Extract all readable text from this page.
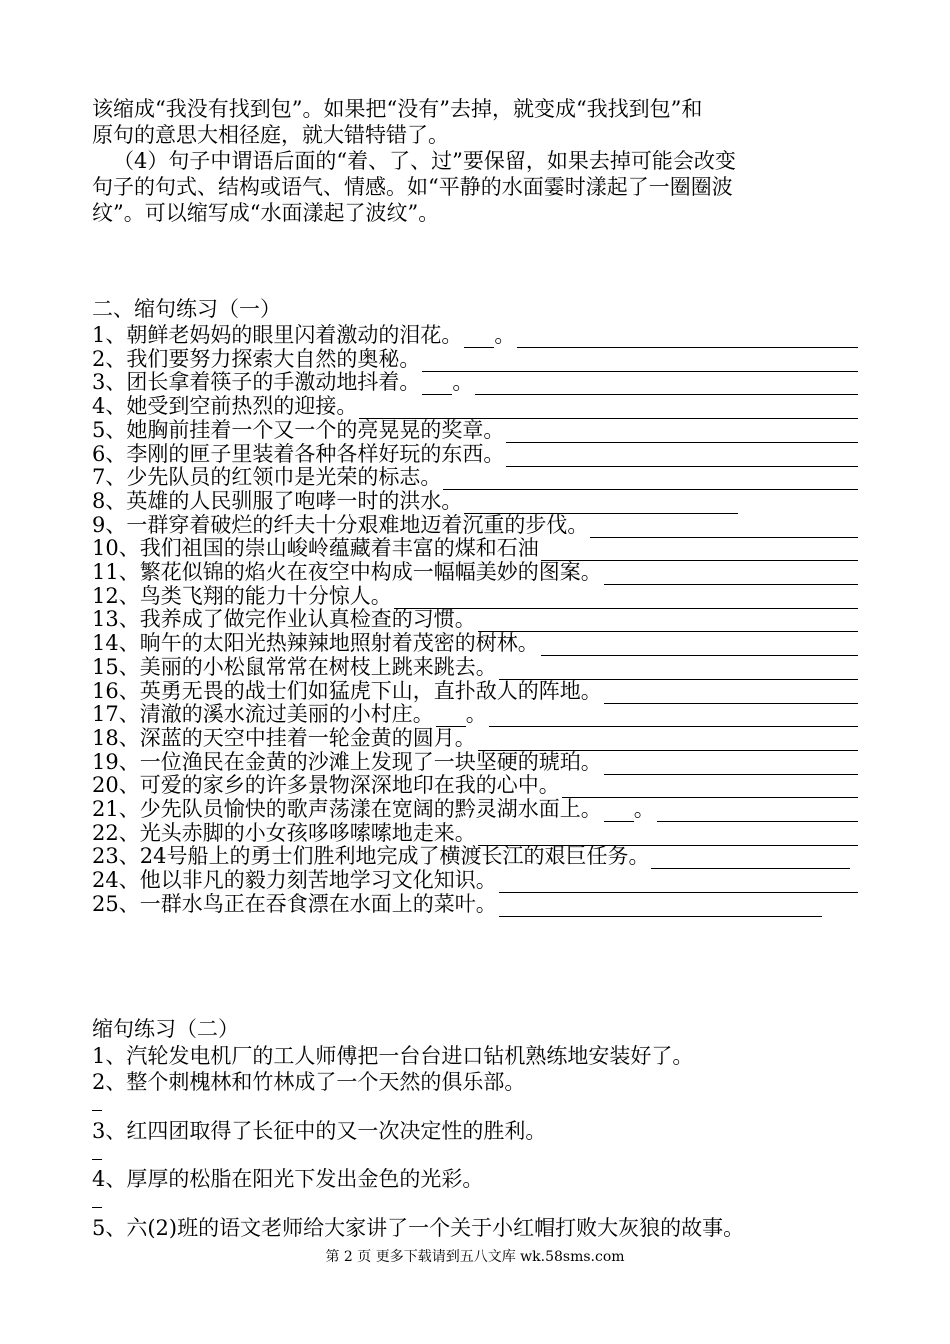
该缩成“我没有找到包”。如果把“没有”去掉，就变成“我找到包”和
原句的意思大相径庭，就大错特错了。
（4）句子中谓语后面的“着、了、过”要保留，如果去掉可能会改变
句子的句式、结构或语气、情感。如“平静的水面霎时漾起了一圈圈波
纹”。可以缩写成“水面漾起了波纹”。
二、缩句练习（一）
1、朝鲜老妈妈的眼里闪着激动的泪花。 。
2、我们要努力探索大自然的奥秘。
3、团长拿着筷子的手激动地抖着。 。
4、她受到空前热烈的迎接。
5、她胸前挂着一个又一个的亮晃晃的奖章。
6、李刚的匣子里装着各种各样好玩的东西。
7、少先队员的红领巾是光荣的标志。
8、英雄的人民驯服了咆哮一时的洪水。
9、一群穿着破烂的纤夫十分艰难地迈着沉重的步伐。
10、我们祖国的崇山峻岭蕴藏着丰富的煤和石油
11、繁花似锦的焰火在夜空中构成一幅幅美妙的图案。
12、鸟类飞翔的能力十分惊人。
13、我养成了做完作业认真检查的习惯。
14、晌午的太阳光热辣辣地照射着茂密的树林。
15、美丽的小松鼠常常在树枝上跳来跳去。
16、英勇无畏的战士们如猛虎下山，直扑敌人的阵地。
17、清澈的溪水流过美丽的小村庄。 。
18、深蓝的天空中挂着一轮金黄的圆月。
19、一位渔民在金黄的沙滩上发现了一块坚硬的琥珀。
20、可爱的家乡的许多景物深深地印在我的心中。
21、少先队员愉快的歌声荡漾在宽阔的黔灵湖水面上。 。
22、光头赤脚的小女孩哆哆嗦嗦地走来。
23、24号船上的勇士们胜利地完成了横渡长江的艰巨任务。
24、他以非凡的毅力刻苦地学习文化知识。
25、一群水鸟正在吞食漂在水面上的菜叶。
缩句练习（二）
1、汽轮发电机厂的工人师傅把一台台进口钻机熟练地安装好了。
2、整个刺槐林和竹林成了一个天然的俱乐部。
3、红四团取得了长征中的又一次决定性的胜利。
4、厚厚的松脂在阳光下发出金色的光彩。
5、六(2)班的语文老师给大家讲了一个关于小红帽打败大灰狼的故事。
第 2 页 更多下载请到五八文库 wk.58sms.com
